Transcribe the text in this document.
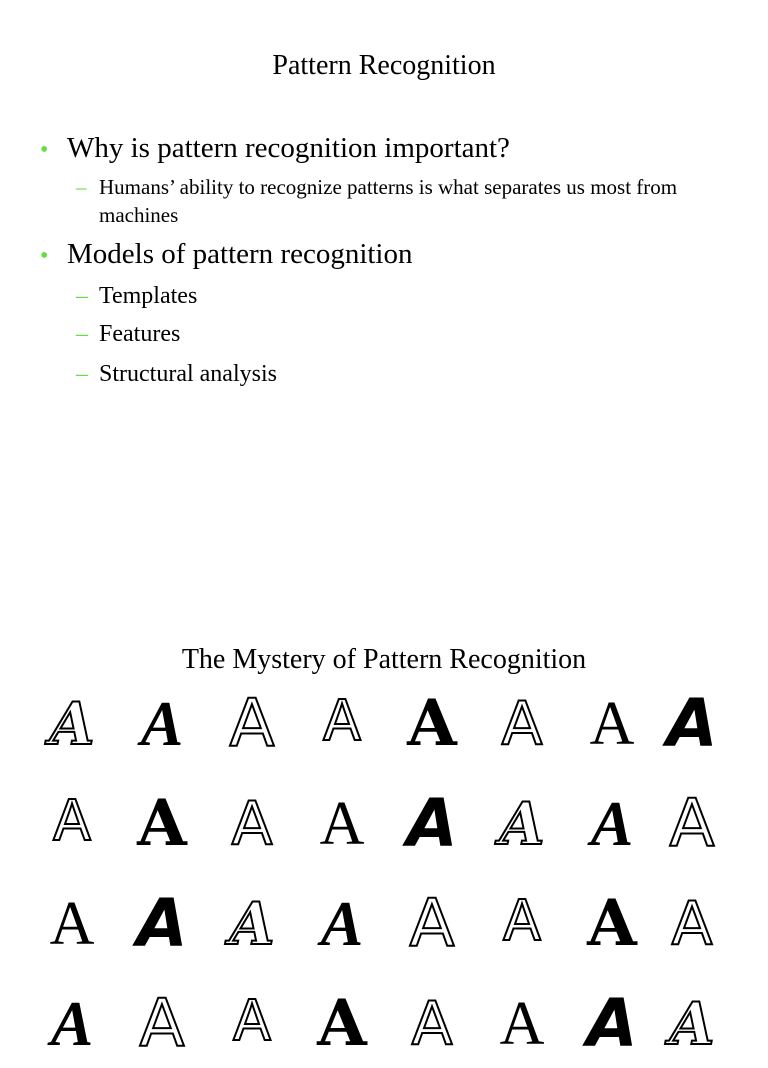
Pattern Recognition
• Why is pattern recognition important?
– Humans’ ability to recognize patterns is what separates us most from machines
• Models of pattern recognition
– Templates
– Features
– Structural analysis
The Mystery of Pattern Recognition
A A A A A A A A
A A A A A A A A
A A A A A A A A
A A A A A A A A
